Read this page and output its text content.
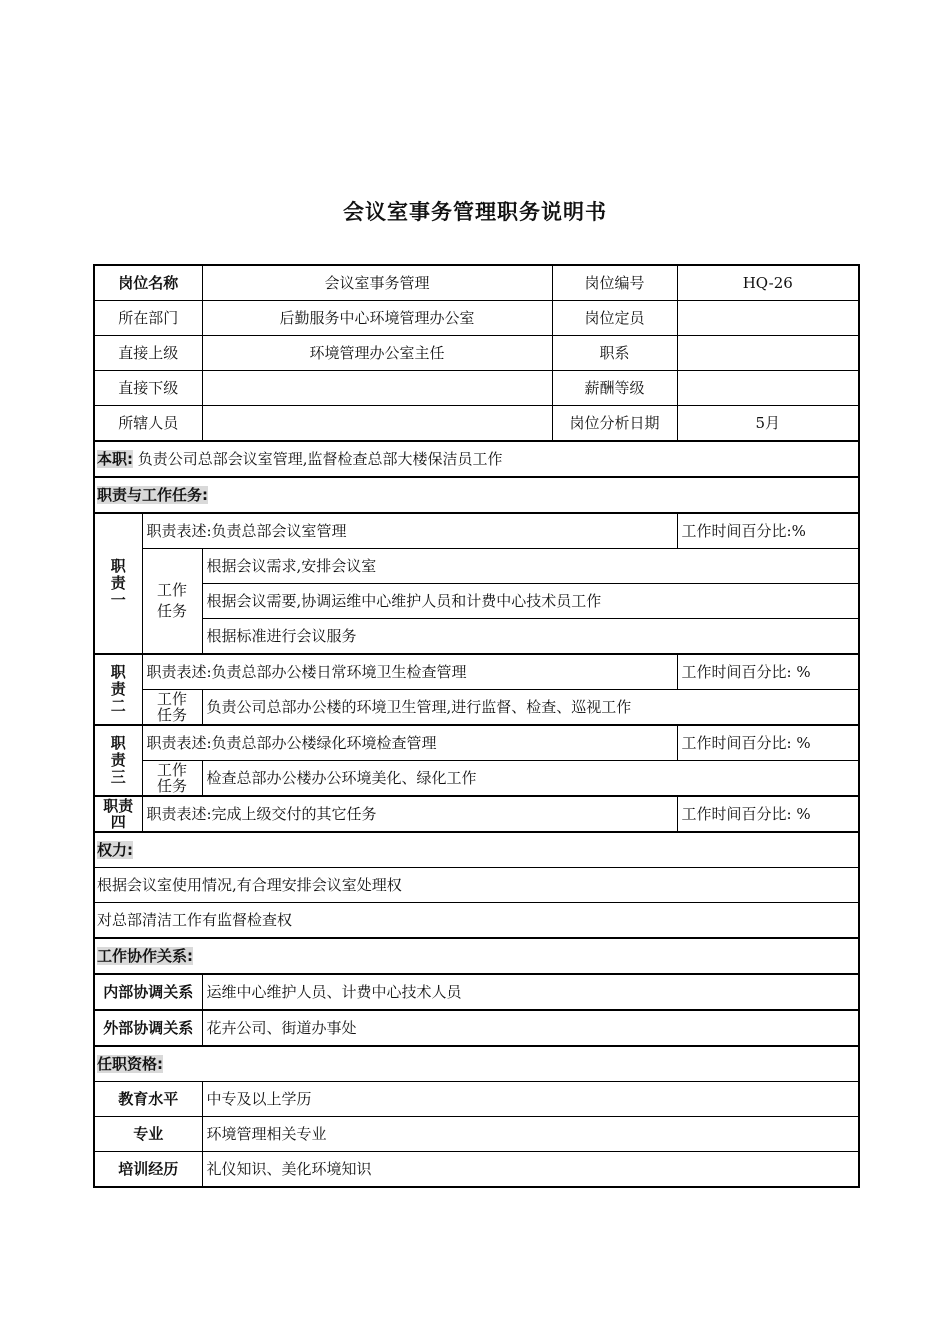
会议室事务管理职务说明书
岗位名称		会议室事务管理	岗位编号	HQ-26
所在部门		后勤服务中心环境管理办公室	岗位定员	
直接上级		环境管理办公室主任	职系	
直接下级			薪酬等级	
所辖人员			岗位分析日期	5月
本职: 负责公司总部会议室管理,监督检查总部大楼保洁员工作				
职责与工作任务:				

职责一	职责表述:负责总部会议室管理			工作时间百分比:%

	工作任务	根据会议需求,安排会议室		
		根据会议需要,协调运维中心维护人员和计费中心技术员工作		
		根据标准进行会议服务		

职责二	职责表述:负责总部办公楼日常环境卫生检查管理			工作时间百分比: %

	工作任务	负责公司总部办公楼的环境卫生管理,进行监督、检查、巡视工作		

职责三	职责表述:负责总部办公楼绿化环境检查管理			工作时间百分比: %

	工作任务	检查总部办公楼办公环境美化、绿化工作		

职责
四	职责表述:完成上级交付的其它任务			工作时间百分比: %
权力:				
根据会议室使用情况,有合理安排会议室处理权				
对总部清洁工作有监督检查权				
工作协作关系:				
内部协调关系		运维中心维护人员、计费中心技术人员		
外部协调关系		花卉公司、街道办事处		
任职资格:				
教育水平		中专及以上学历		
专业		环境管理相关专业		
培训经历		礼仪知识、美化环境知识		
